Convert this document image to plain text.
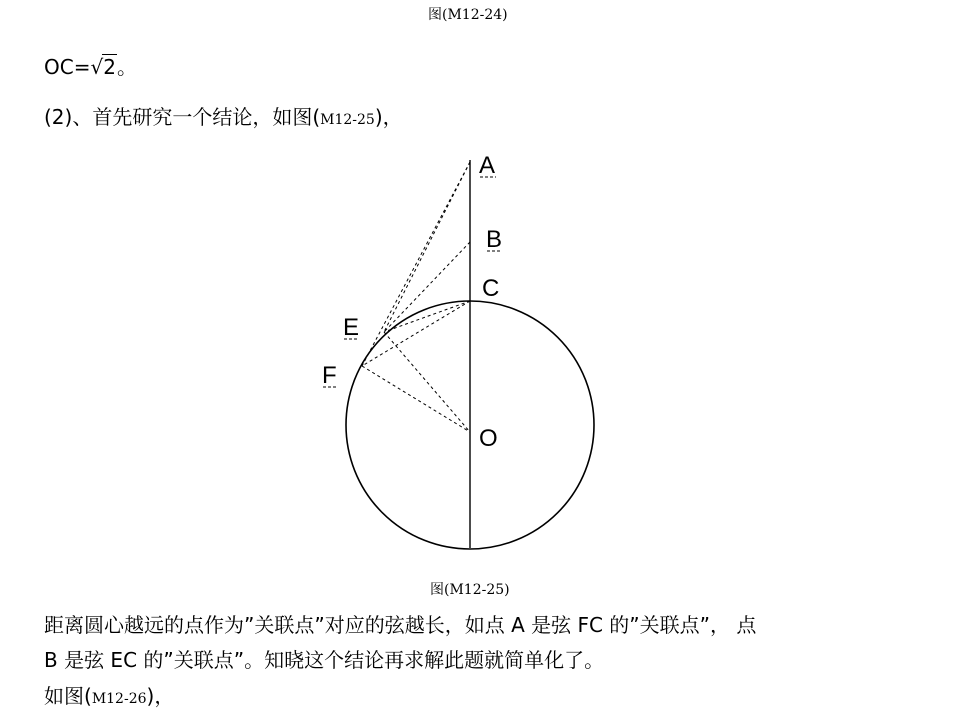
图(M12-24)
OC=√2。
(2)、首先研究一个结论，如图(M12-25)，
A
B
C
E
F
O
图(M12-25)
距离圆心越远的点作为”关联点”对应的弦越长，如点 A 是弦 FC 的”关联点”， 点
B 是弦 EC 的”关联点”。知晓这个结论再求解此题就简单化了。
如图(M12-26)，
